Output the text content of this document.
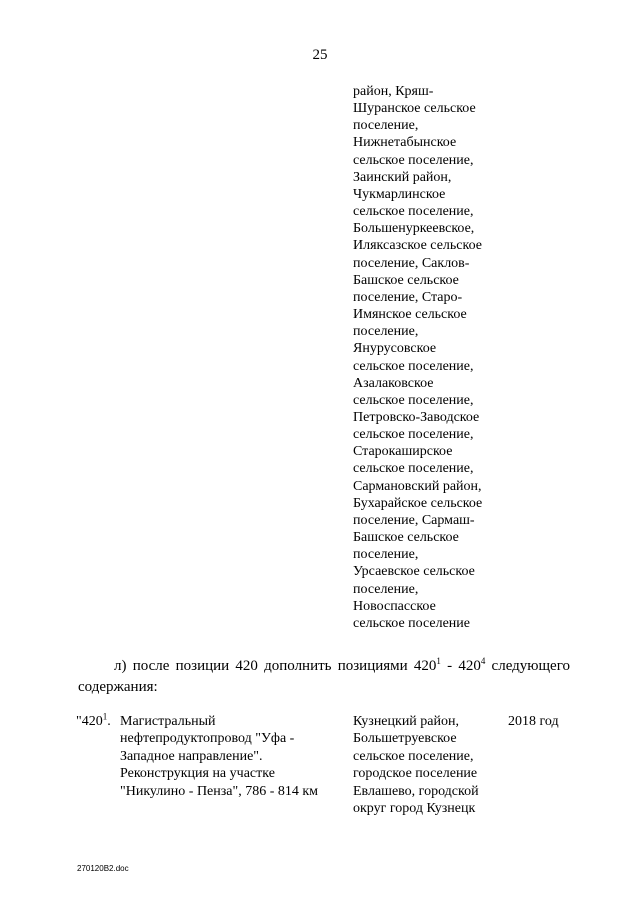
25
район, Кряш-
Шуранское сельское
поселение,
Нижнетабынское
сельское поселение,
Заинский район,
Чукмарлинское
сельское поселение,
Большенуркеевское,
Иляксазское сельское
поселение, Саклов-
Башское сельское
поселение, Старо-
Имянское сельское
поселение,
Янурусовское
сельское поселение,
Азалаковское
сельское поселение,
Петровско-Заводское
сельское поселение,
Старокаширское
сельское поселение,
Сармановский район,
Бухарайское сельское
поселение, Сармаш-
Башское сельское
поселение,
Урсаевское сельское
поселение,
Новоспасское
сельское поселение
л) после позиции 420 дополнить позициями $420^1 - 420^4$ следующего
содержания:
"$420^1$. Магистральный
нефтепродуктопровод "Уфа -
Западное направление".
Реконструкция на участке
"Никулино - Пенза", 786 - 814 км
Кузнецкий район,
Большетруевское
сельское поселение,
городское поселение
Евлашево, городской
округ город Кузнецк
2018 год
270120В2.doc
